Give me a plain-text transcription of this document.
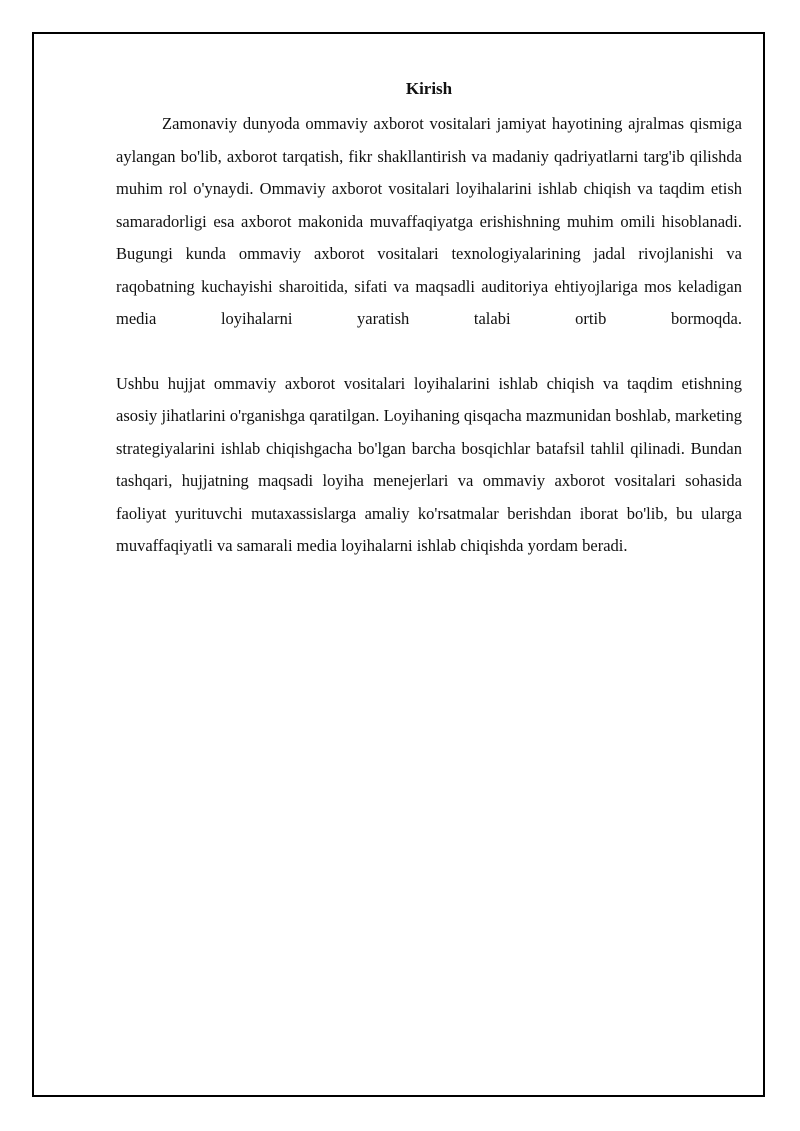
Kirish

Zamonaviy dunyoda ommaviy axborot vositalari jamiyat hayotining ajralmas qismiga aylangan bo'lib, axborot tarqatish, fikr shakllantirish va madaniy qadriyatlarni targ'ib qilishda muhim rol o'ynaydi. Ommaviy axborot vositalari loyihalarini ishlab chiqish va taqdim etish samaradorligi esa axborot makonida muvaffaqiyatga erishishning muhim omili hisoblanadi. Bugungi kunda ommaviy axborot vositalari texnologiyalarining jadal rivojlanishi va raqobatning kuchayishi sharoitida, sifati va maqsadli auditoriya ehtiyojlariga mos keladigan media loyihalarni yaratish talabi ortib bormoqda.

Ushbu hujjat ommaviy axborot vositalari loyihalarini ishlab chiqish va taqdim etishning asosiy jihatlarini o'rganishga qaratilgan. Loyihaning qisqacha mazmunidan boshlab, marketing strategiyalarini ishlab chiqishgacha bo'lgan barcha bosqichlar batafsil tahlil qilinadi. Bundan tashqari, hujjatning maqsadi loyiha menejerlari va ommaviy axborot vositalari sohasida faoliyat yurituvchi mutaxassislarga amaliy ko'rsatmalar berishdan iborat bo'lib, bu ularga muvaffaqiyatli va samarali media loyihalarni ishlab chiqishda yordam beradi.
